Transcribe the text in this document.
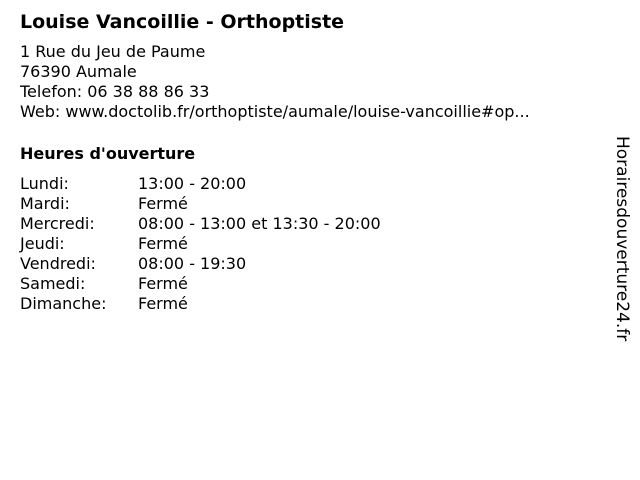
Louise Vancoillie - Orthoptiste
1 Rue du Jeu de Paume
76390 Aumale
Telefon: 06 38 88 86 33
Web: www.doctolib.fr/orthoptiste/aumale/louise-vancoillie#op...
Heures d'ouverture
Lundi:	13:00 - 20:00
Mardi:	Fermé
Mercredi:	08:00 - 13:00 et 13:30 - 20:00
Jeudi:	Fermé
Vendredi:	08:00 - 19:30
Samedi:	Fermé
Dimanche:	Fermé	Horairesdouverture24.fr
